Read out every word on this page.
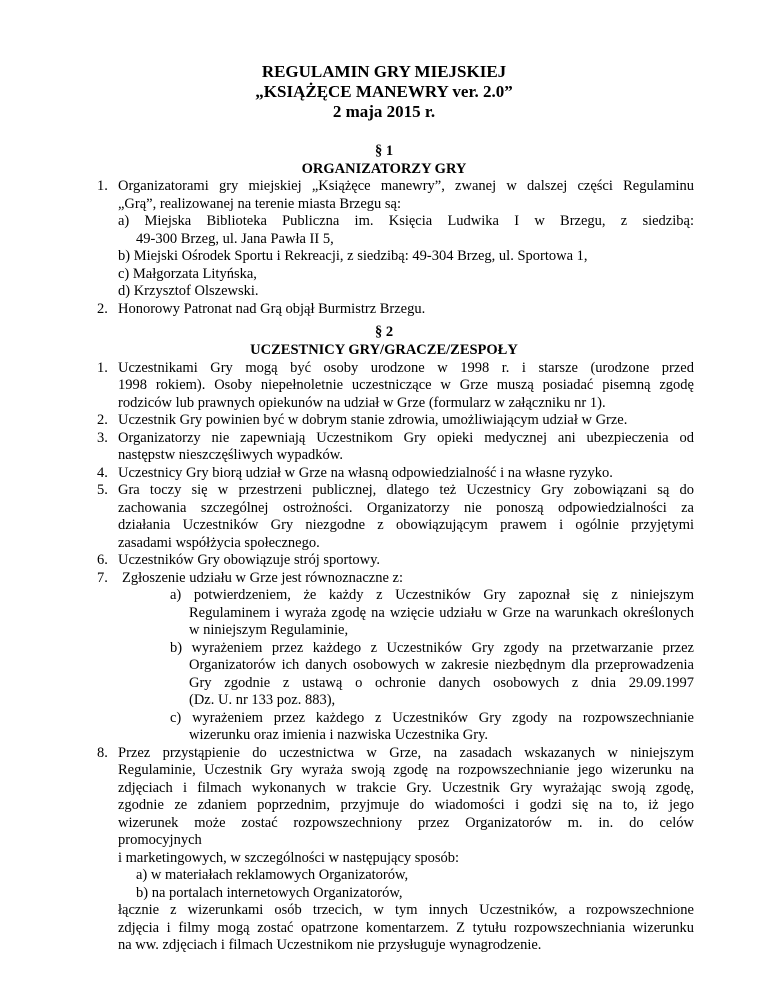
REGULAMIN GRY MIEJSKIEJ
„KSIĄŻĘCE MANEWRY ver. 2.0”
2 maja 2015 r.
§ 1
ORGANIZATORZY GRY
1. Organizatorami gry miejskiej „Książęce manewry”, zwanej w dalszej części Regulaminu
„Grą”, realizowanej na terenie miasta Brzegu są:
a) Miejska Biblioteka Publiczna im. Księcia Ludwika I w Brzegu, z siedzibą:
49-300 Brzeg, ul. Jana Pawła II 5,
b) Miejski Ośrodek Sportu i Rekreacji, z siedzibą: 49-304 Brzeg, ul. Sportowa 1,
c) Małgorzata Lityńska,
d) Krzysztof Olszewski.
2. Honorowy Patronat nad Grą objął Burmistrz Brzegu.
§ 2
UCZESTNICY GRY/GRACZE/ZESPOŁY
1. Uczestnikami Gry mogą być osoby urodzone w 1998 r. i starsze (urodzone przed
1998 rokiem). Osoby niepełnoletnie uczestniczące w Grze muszą posiadać pisemną zgodę
rodziców lub prawnych opiekunów na udział w Grze (formularz w załączniku nr 1).
2. Uczestnik Gry powinien być w dobrym stanie zdrowia, umożliwiającym udział w Grze.
3. Organizatorzy nie zapewniają Uczestnikom Gry opieki medycznej ani ubezpieczenia od
następstw nieszczęśliwych wypadków.
4. Uczestnicy Gry biorą udział w Grze na własną odpowiedzialność i na własne ryzyko.
5. Gra toczy się w przestrzeni publicznej, dlatego też Uczestnicy Gry zobowiązani są do
zachowania szczególnej ostrożności. Organizatorzy nie ponoszą odpowiedzialności za
działania Uczestników Gry niezgodne z obowiązującym prawem i ogólnie przyjętymi
zasadami współżycia społecznego.
6. Uczestników Gry obowiązuje strój sportowy.
7. Zgłoszenie udziału w Grze jest równoznaczne z:
a) potwierdzeniem, że każdy z Uczestników Gry zapoznał się z niniejszym
Regulaminem i wyraża zgodę na wzięcie udziału w Grze na warunkach określonych
w niniejszym Regulaminie,
b) wyrażeniem przez każdego z Uczestników Gry zgody na przetwarzanie przez
Organizatorów ich danych osobowych w zakresie niezbędnym dla przeprowadzenia
Gry zgodnie z ustawą o ochronie danych osobowych z dnia 29.09.1997
(Dz. U. nr 133 poz. 883),
c) wyrażeniem przez każdego z Uczestników Gry zgody na rozpowszechnianie
wizerunku oraz imienia i nazwiska Uczestnika Gry.
8. Przez przystąpienie do uczestnictwa w Grze, na zasadach wskazanych w niniejszym
Regulaminie, Uczestnik Gry wyraża swoją zgodę na rozpowszechnianie jego wizerunku na
zdjęciach i filmach wykonanych w trakcie Gry. Uczestnik Gry wyrażając swoją zgodę,
zgodnie ze zdaniem poprzednim, przyjmuje do wiadomości i godzi się na to, iż jego
wizerunek może zostać rozpowszechniony przez Organizatorów m. in. do celów
promocyjnych
i marketingowych, w szczególności w następujący sposób:
a) w materiałach reklamowych Organizatorów,
b) na portalach internetowych Organizatorów,
łącznie z wizerunkami osób trzecich, w tym innych Uczestników, a rozpowszechnione
zdjęcia i filmy mogą zostać opatrzone komentarzem. Z tytułu rozpowszechniania wizerunku
na ww. zdjęciach i filmach Uczestnikom nie przysługuje wynagrodzenie.
